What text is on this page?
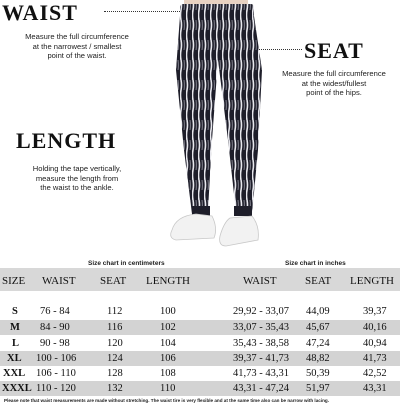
WAIST
Measure the full circumference
at the narrowest / smallest
point of the waist.	SEAT
Measure the full circumference
at the widest/fullest
point of the hips.
LENGTH
Holding the tape vertically,
measure the length from
the waist to the ankle.
Size chart in centimeters	Size chart in inches
SIZE WAIST SEAT LENGTH	WAIST	SEAT LENGTH
S 76 - 84	112	100	29,92 - 33,07 44,09	39,37
M 84 - 90	116	102	33,07 - 35,43 45,67	40,16
L 90 - 98	120	104	35,43 - 38,58 47,24	40,94
XL 100 - 106	124	106	39,37 - 41,73 48,82	41,73
XXL 106 - 110	128	108	41,73 - 43,31 50,39	42,52
XXXL 110 - 120	132	110	43,31 - 47,24 51,97	43,31
Please note that waist measurements are made without stretching. The waist tire is very flexible and at the same time also can be narrow with lacing.
